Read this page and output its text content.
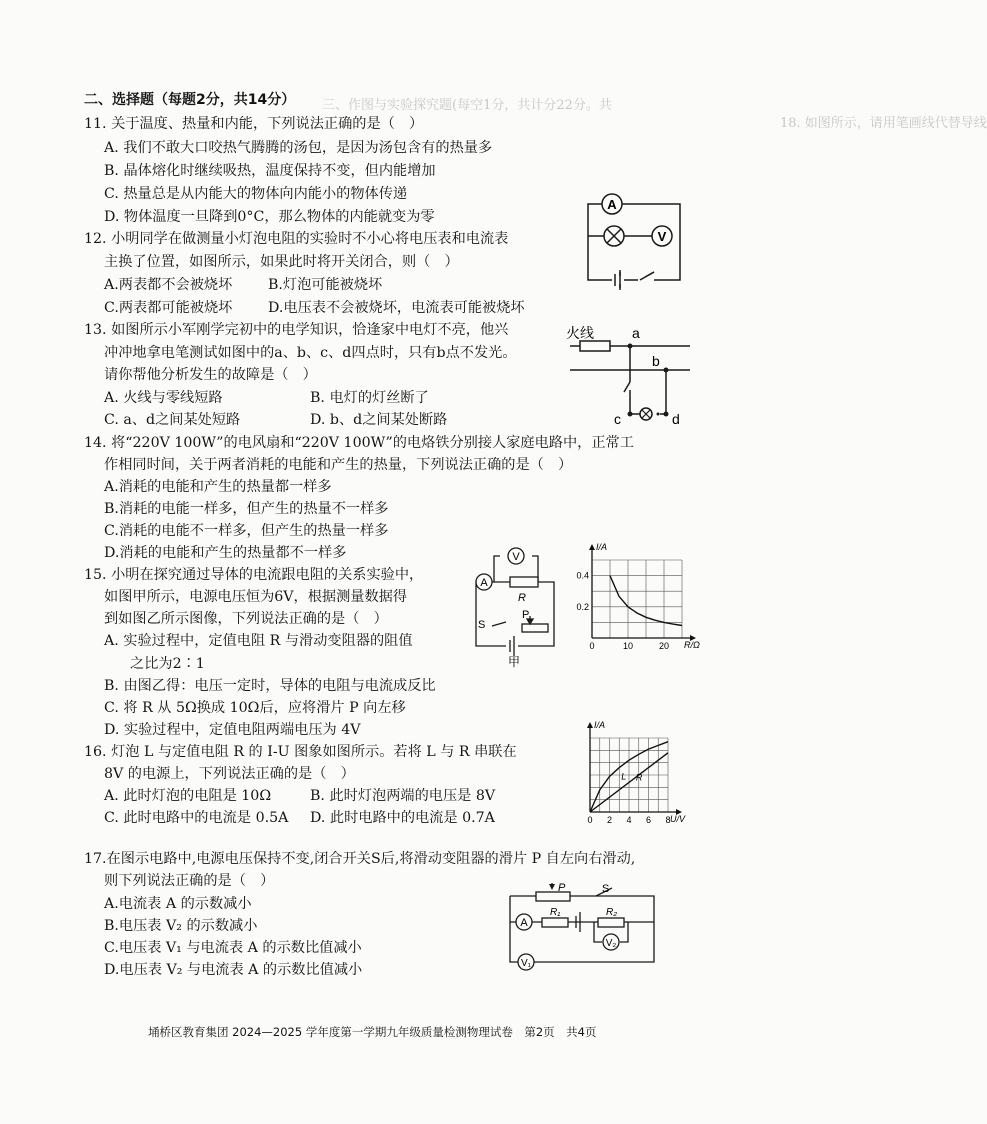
三、作图与实验探究题(每空1分，共计分22分。共
18. 如图所示，请用笔画线代替导线
二、选择题（每题2分，共14分）
11. 关于温度、热量和内能，下列说法正确的是（　）
A. 我们不敢大口咬热气腾腾的汤包，是因为汤包含有的热量多
B. 晶体熔化时继续吸热，温度保持不变，但内能增加
C. 热量总是从内能大的物体向内能小的物体传递
D. 物体温度一旦降到0°C，那么物体的内能就变为零
12. 小明同学在做测量小灯泡电阻的实验时不小心将电压表和电流表
主换了位置，如图所示，如果此时将开关闭合，则（　）
A.两表都不会被烧坏	B.灯泡可能被烧坏
C.两表都可能被烧坏	D.电压表不会被烧坏，电流表可能被烧坏
13. 如图所示小军刚学完初中的电学知识，恰逢家中电灯不亮，他兴
冲冲地拿电笔测试如图中的a、b、c、d四点时，只有b点不发光。
请你帮他分析发生的故障是（　）
A. 火线与零线短路	B. 电灯的灯丝断了
C. a、d之间某处短路	D. b、d之间某处断路
14. 将“220V 100W”的电风扇和“220V 100W”的电烙铁分别接人家庭电路中，正常工
作相同时间，关于两者消耗的电能和产生的热量，下列说法正确的是（　）
A.消耗的电能和产生的热量都一样多
B.消耗的电能一样多，但产生的热量不一样多
C.消耗的电能不一样多，但产生的热量一样多
D.消耗的电能和产生的热量都不一样多
15. 小明在探究通过导体的电流跟电阻的关系实验中，
如图甲所示，电源电压恒为6V，根据测量数据得
到如图乙所示图像，下列说法正确的是（　）
A. 实验过程中，定值电阻 R 与滑动变阻器的阻值
之比为2∶1
B. 由图乙得：电压一定时，导体的电阻与电流成反比
C. 将 R 从 5Ω换成 10Ω后，应将滑片 P 向左移
D. 实验过程中，定值电阻两端电压为 4V
16. 灯泡 L 与定值电阻 R 的 I-U 图象如图所示。若将 L 与 R 串联在
8V 的电源上，下列说法正确的是（　）
A. 此时灯泡的电阻是 10Ω	B. 此时灯泡两端的电压是 8V
C. 此时电路中的电流是 0.5A D. 此时电路中的电流是 0.7A
17.在图示电路中,电源电压保持不变,闭合开关S后,将滑动变阻器的滑片 P 自左向右滑动,
则下列说法正确的是（　）
A.电流表 A 的示数减小
B.电压表 V₂ 的示数减小
C.电压表 V₁ 与电流表 A 的示数比值减小
D.电压表 V₂ 与电流表 A 的示数比值减小
A
V
火线	a
b
c	d
V
A
R
S
P
甲
I/A
R/Ω
0	10	20
0.2
0.4
I/A
U/V
0 2 4 6 8
L R
A
V₂
V₁
P	S
R₁	R₂
埇桥区教育集团 2024—2025 学年度第一学期九年级质量检测物理试卷　第2页　共4页
